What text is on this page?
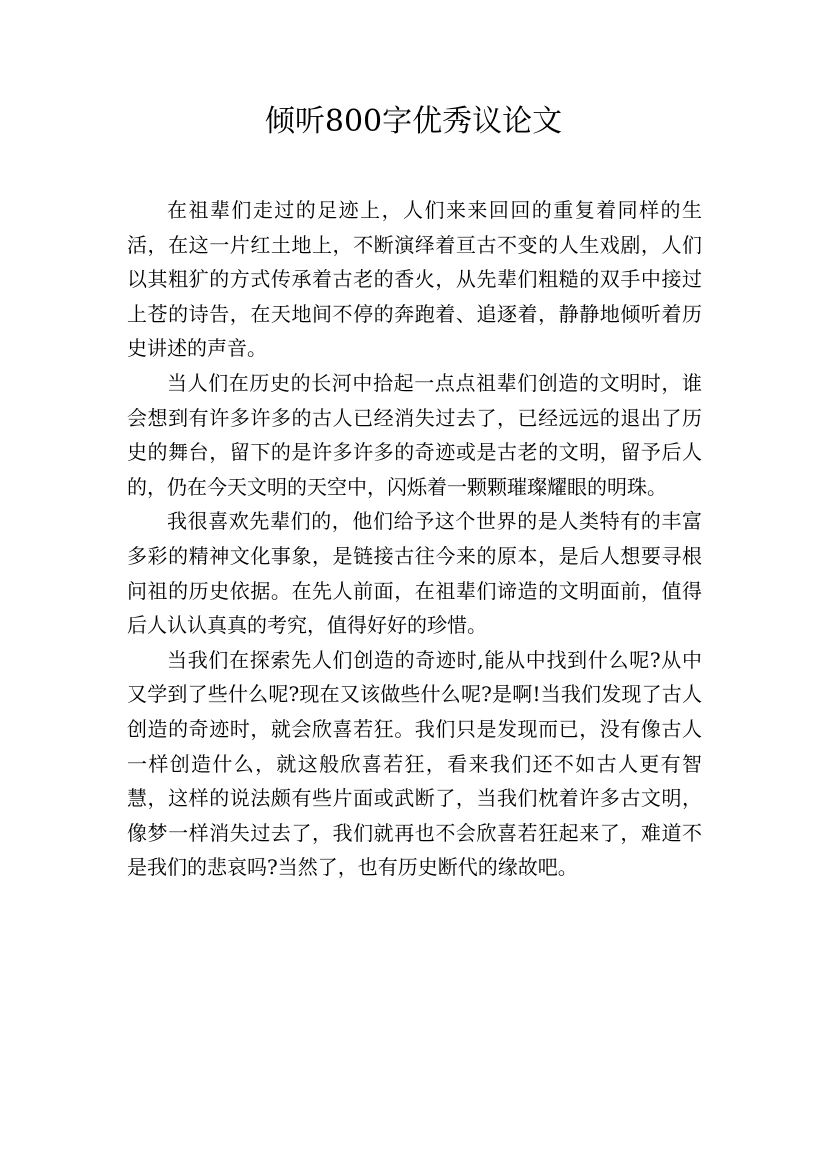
倾听800字优秀议论文

在祖辈们走过的足迹上，人们来来回回的重复着同样的生活，在这一片红土地上，不断演绎着亘古不变的人生戏剧，人们以其粗犷的方式传承着古老的香火，从先辈们粗糙的双手中接过上苍的诗告，在天地间不停的奔跑着、追逐着，静静地倾听着历史讲述的声音。

当人们在历史的长河中拾起一点点祖辈们创造的文明时，谁会想到有许多许多的古人已经消失过去了，已经远远的退出了历史的舞台，留下的是许多许多的奇迹或是古老的文明，留予后人的，仍在今天文明的天空中，闪烁着一颗颗璀璨耀眼的明珠。

我很喜欢先辈们的，他们给予这个世界的是人类特有的丰富多彩的精神文化事象，是链接古往今来的原本，是后人想要寻根问祖的历史依据。在先人前面，在祖辈们谛造的文明面前，值得后人认认真真的考究，值得好好的珍惜。

当我们在探索先人们创造的奇迹时,能从中找到什么呢?从中又学到了些什么呢?现在又该做些什么呢?是啊!当我们发现了古人创造的奇迹时，就会欣喜若狂。我们只是发现而已，没有像古人一样创造什么，就这般欣喜若狂，看来我们还不如古人更有智慧，这样的说法颇有些片面或武断了，当我们枕着许多古文明，像梦一样消失过去了，我们就再也不会欣喜若狂起来了，难道不是我们的悲哀吗?当然了，也有历史断代的缘故吧。
